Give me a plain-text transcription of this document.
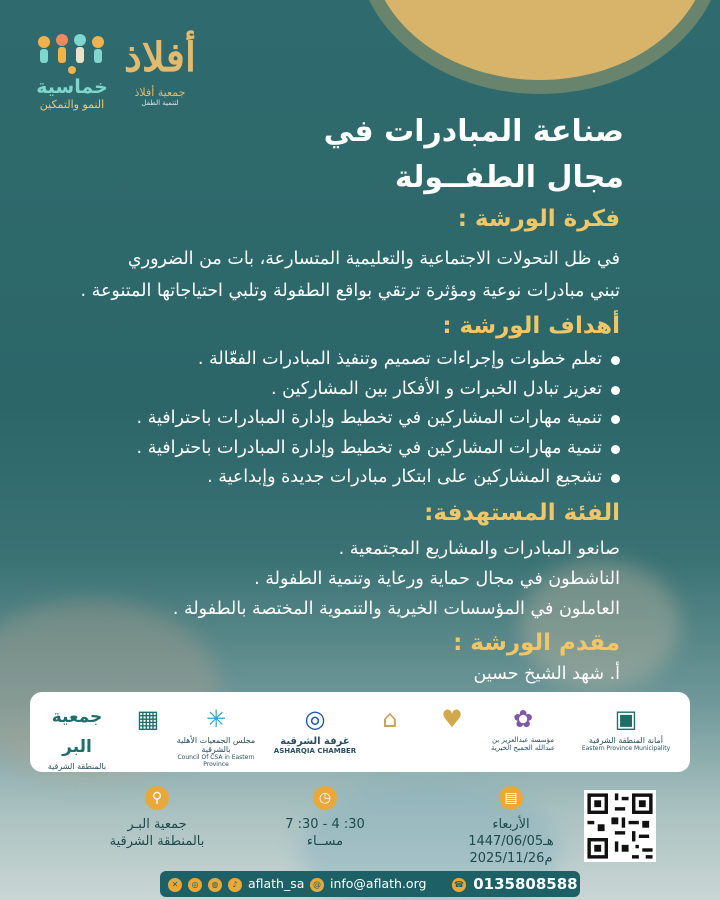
أفلاذ
جمعية أفلاذ
لتنمية الطفل
خماسية
النمو والتمكين
صناعة المبادرات في
مجال الطفــولة
فكرة الورشة :

في ظل التحولات الاجتماعية والتعليمية المتسارعة، بات من الضروري

تبني مبادرات نوعية ومؤثرة ترتقي بواقع الطفولة وتلبي احتياجاتها المتنوعة .

أهداف الورشة :
تعلم خطوات وإجراءات تصميم وتنفيذ المبادرات الفعّالة .
تعزيز تبادل الخبرات و الأفكار بين المشاركين .
تنمية مهارات المشاركين في تخطيط وإدارة المبادرات باحترافية .
تنمية مهارات المشاركين في تخطيط وإدارة المبادرات باحترافية .
تشجيع المشاركين على ابتكار مبادرات جديدة وإبداعية .
الفئة المستهدفة:
صانعو المبادرات والمشاريع المجتمعية .
الناشطون في مجال حماية ورعاية وتنمية الطفولة .
العاملون في المؤسسات الخيرية والتنموية المختصة بالطفولة .
مقدم الورشة :

أ. شهد الشيخ حسين

جمعية البر
بالمنطقة الشرقية
▦	✳
مجلس الجمعيات الأهلية بالشرقية
Council Of CSA in Eastern Province
◎
غرفة الشرقية
ASHARQIA CHAMBER
⌂	♥	✿
مؤسسة عبدالعزيز بن عبدالله الجميح الخيرية
▣
أمانة المنطقة الشرقية
Eastern Province Municipality
⚲
جمعية البـر
بالمنطقة الشرقية
◷
7 :30 - 4 :30
مســاء
▤
الأربعاء
1447/06/05هـ
2025/11/26م
✕ ◎ ◍ ♪ aflath_sa	@ info@aflath.org	☎ 0135808588
